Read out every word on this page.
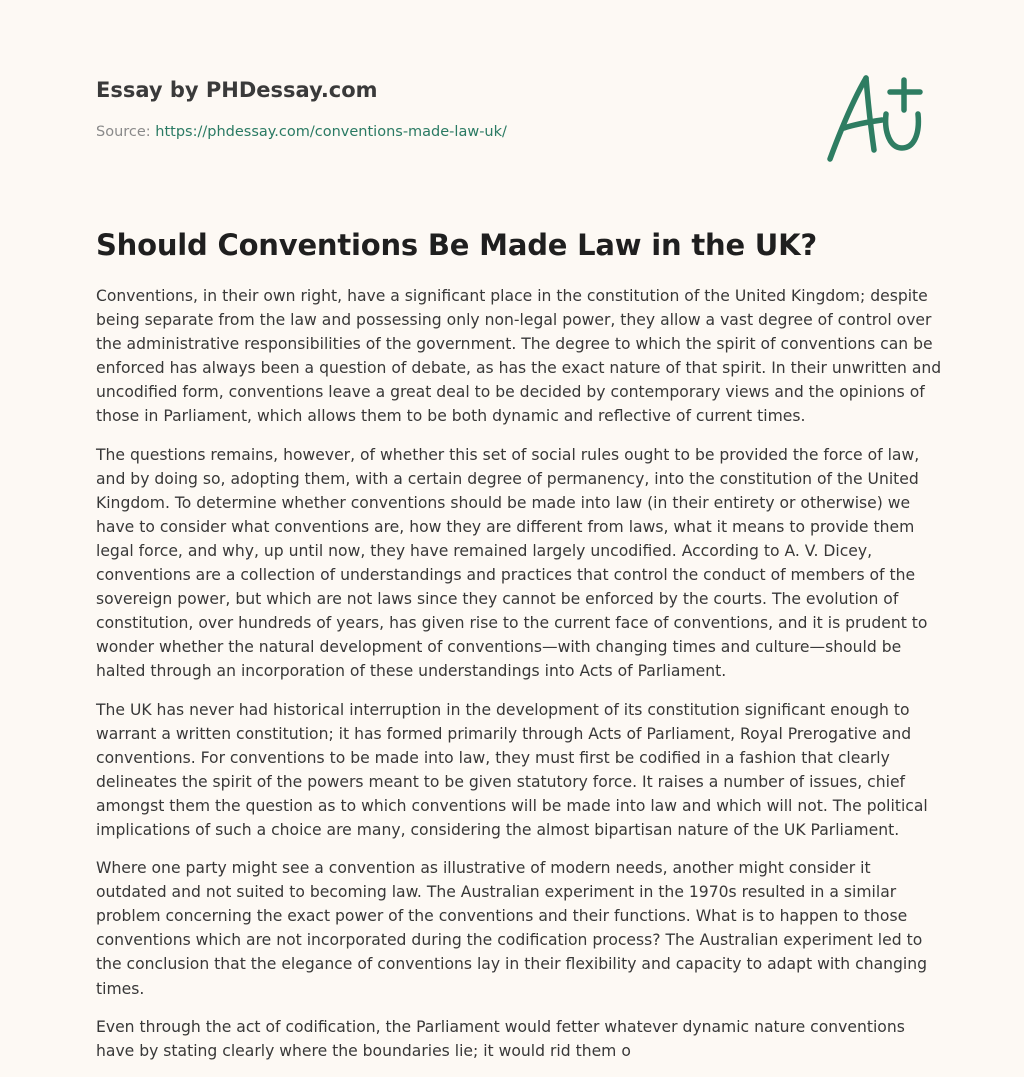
Essay by PHDessay.com
Source: https://phdessay.com/conventions-made-law-uk/
Should Conventions Be Made Law in the UK?

Conventions, in their own right, have a significant place in the constitution of the United Kingdom; despite being separate from the law and possessing only non-legal power, they allow a vast degree of control over the administrative responsibilities of the government. The degree to which the spirit of conventions can be enforced has always been a question of debate, as has the exact nature of that spirit. In their unwritten and uncodified form, conventions leave a great deal to be decided by contemporary views and the opinions of those in Parliament, which allows them to be both dynamic and reflective of current times.

The questions remains, however, of whether this set of social rules ought to be provided the force of law, and by doing so, adopting them, with a certain degree of permanency, into the constitution of the United Kingdom. To determine whether conventions should be made into law (in their entirety or otherwise) we have to consider what conventions are, how they are different from laws, what it means to provide them legal force, and why, up until now, they have remained largely uncodified. According to A. V. Dicey, conventions are a collection of understandings and practices that control the conduct of members of the sovereign power, but which are not laws since they cannot be enforced by the courts. The evolution of constitution, over hundreds of years, has given rise to the current face of conventions, and it is prudent to wonder whether the natural development of conventions—with changing times and culture—should be halted through an incorporation of these understandings into Acts of Parliament.

The UK has never had historical interruption in the development of its constitution significant enough to warrant a written constitution; it has formed primarily through Acts of Parliament, Royal Prerogative and conventions. For conventions to be made into law, they must first be codified in a fashion that clearly delineates the spirit of the powers meant to be given statutory force. It raises a number of issues, chief amongst them the question as to which conventions will be made into law and which will not. The political implications of such a choice are many, considering the almost bipartisan nature of the UK Parliament.

Where one party might see a convention as illustrative of modern needs, another might consider it outdated and not suited to becoming law. The Australian experiment in the 1970s resulted in a similar problem concerning the exact power of the conventions and their functions. What is to happen to those conventions which are not incorporated during the codification process? The Australian experiment led to the conclusion that the elegance of conventions lay in their flexibility and capacity to adapt with changing times.

Even through the act of codification, the Parliament would fetter whatever dynamic nature conventions have by stating clearly where the boundaries lie; it would rid them o
